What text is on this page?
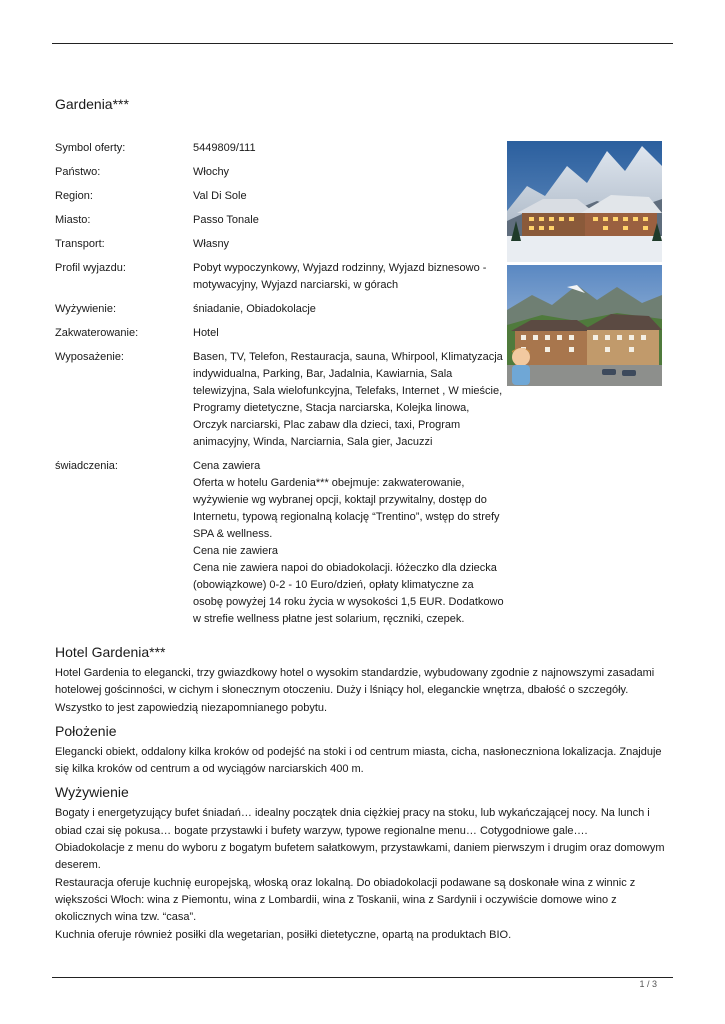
Gardenia***
Symbol oferty:	5449809/111
Państwo:	Włochy
Region:	Val Di Sole
Miasto:	Passo Tonale
Transport:	Własny
Profil wyjazdu:	Pobyt wypoczynkowy, Wyjazd rodzinny, Wyjazd biznesowo - motywacyjny, Wyjazd narciarski, w górach
Wyżywienie:	śniadanie, Obiadokolacje
Zakwaterowanie:	Hotel
Wyposażenie:	Basen, TV, Telefon, Restauracja, sauna, Whirpool, Klimatyzacja indywidualna, Parking, Bar, Jadalnia, Kawiarnia, Sala telewizyjna, Sala wielofunkcyjna, Telefaks, Internet , W mieście, Programy dietetyczne, Stacja narciarska, Kolejka linowa, Orczyk narciarski, Plac zabaw dla dzieci, taxi, Program animacyjny, Winda, Narciarnia, Sala gier, Jacuzzi
świadczenia:	Cena zawiera
Oferta w hotelu Gardenia*** obejmuje: zakwaterowanie, wyżywienie wg wybranej opcji, koktajl przywitalny, dostęp do Internetu, typową regionalną kolację “Trentino”, wstęp do strefy SPA & wellness.
Cena nie zawiera
Cena nie zawiera napoi do obiadokolacji. łóżeczko dla dziecka (obowiązkowe) 0-2 - 10 Euro/dzień, opłaty klimatyczne za osobę powyżej 14 roku życia w wysokości 1,5 EUR. Dodatkowo w strefie wellness płatne jest solarium, ręczniki, czepek.
Hotel Gardenia***

Hotel Gardenia to elegancki, trzy gwiazdkowy hotel o wysokim standardzie, wybudowany zgodnie z najnowszymi zasadami hotelowej gościnności, w cichym i słonecznym otoczeniu. Duży i lśniący hol, eleganckie wnętrza, dbałość o szczegóły. Wszystko to jest zapowiedzią niezapomnianego pobytu.

Położenie

Elegancki obiekt, oddalony kilka kroków od podejść na stoki i od centrum miasta, cicha, nasłoneczniona lokalizacja. Znajduje się kilka kroków od centrum a od wyciągów narciarskich 400 m.

Wyżywienie

Bogaty i energetyzujący bufet śniadań… idealny początek dnia ciężkiej pracy na stoku, lub wykańczającej nocy. Na lunch i obiad czai się pokusa… bogate przystawki i bufety warzyw, typowe regionalne menu… Cotygodniowe gale….

Obiadokolacje z menu do wyboru z bogatym bufetem sałatkowym, przystawkami, daniem pierwszym i drugim oraz domowym deserem.

Restauracja oferuje kuchnię europejską, włoską oraz lokalną. Do obiadokolacji podawane są doskonałe wina z winnic z większości Włoch: wina z Piemontu, wina z Lombardii, wina z Toskanii, wina z Sardynii i oczywiście domowe wino z okolicznych wina tzw. “casa”.

Kuchnia oferuje również posiłki dla wegetarian, posiłki dietetyczne, opartą na produktach BIO.

1 / 3
